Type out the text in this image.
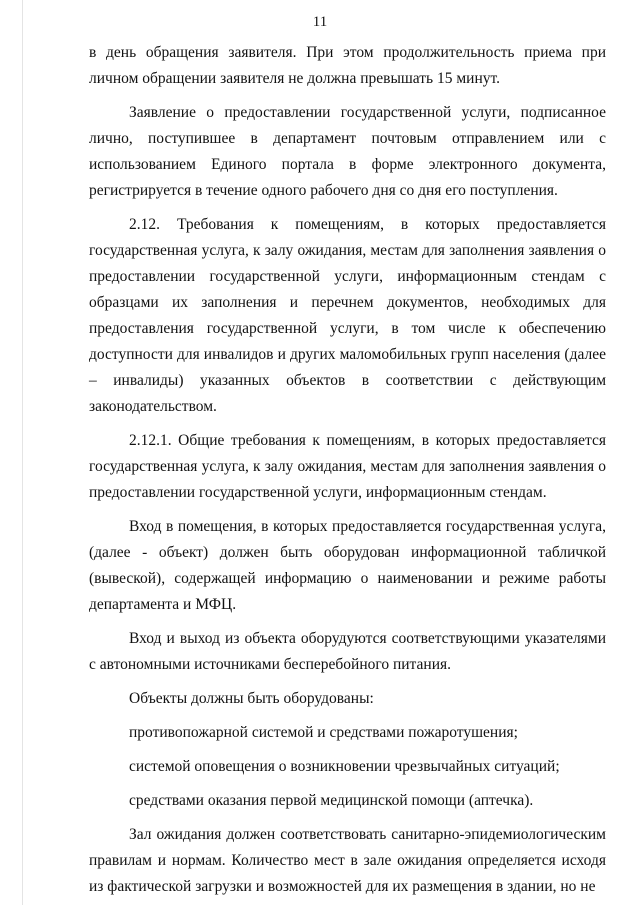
11

в день обращения заявителя. При этом продолжительность приема при личном обращении заявителя не должна превышать 15 минут.

Заявление о предоставлении государственной услуги, подписанное лично, поступившее в департамент почтовым отправлением или с использованием Единого портала в форме электронного документа, регистрируется в течение одного рабочего дня со дня его поступления.

2.12. Требования к помещениям, в которых предоставляется государственная услуга, к залу ожидания, местам для заполнения заявления о предоставлении государственной услуги, информационным стендам с образцами их заполнения и перечнем документов, необходимых для предоставления государственной услуги, в том числе к обеспечению доступности для инвалидов и других маломобильных групп населения (далее – инвалиды) указанных объектов в соответствии с действующим законодательством.

2.12.1. Общие требования к помещениям, в которых предоставляется государственная услуга, к залу ожидания, местам для заполнения заявления о предоставлении государственной услуги, информационным стендам.

Вход в помещения, в которых предоставляется государственная услуга, (далее - объект) должен быть оборудован информационной табличкой (вывеской), содержащей информацию о наименовании и режиме работы департамента и МФЦ.

Вход и выход из объекта оборудуются соответствующими указателями с автономными источниками бесперебойного питания.

Объекты должны быть оборудованы:

противопожарной системой и средствами пожаротушения;

системой оповещения о возникновении чрезвычайных ситуаций;

средствами оказания первой медицинской помощи (аптечка).

Зал ожидания должен соответствовать санитарно-эпидемиологическим правилам и нормам. Количество мест в зале ожидания определяется исходя из фактической загрузки и возможностей для их размещения в здании, но не
